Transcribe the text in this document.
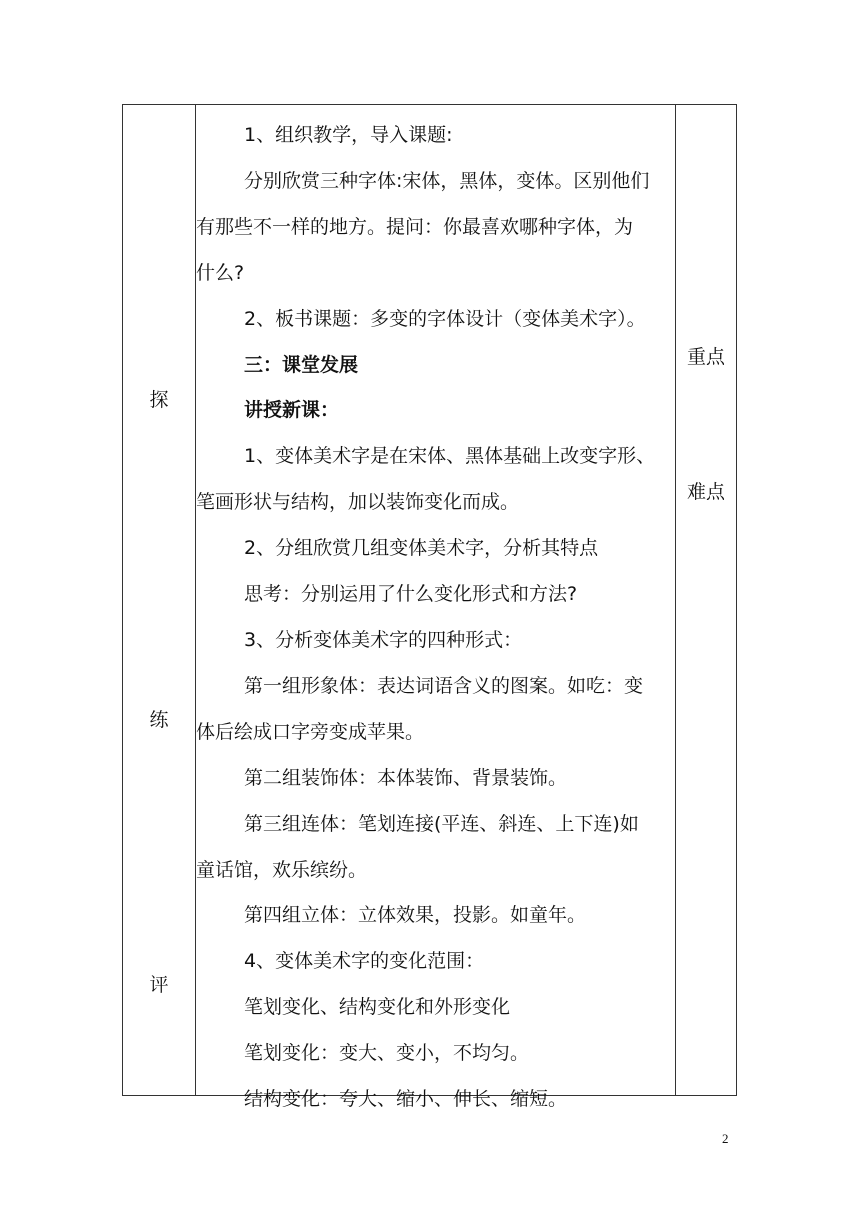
探
练
评
重点
难点
1、组织教学，导入课题:
分别欣赏三种字体:宋体，黑体，变体。区别他们
有那些不一样的地方。提问：你最喜欢哪种字体，为
什么?
2、板书课题：多变的字体设计（变体美术字）。
三：课堂发展
讲授新课：
1、变体美术字是在宋体、黑体基础上改变字形、
笔画形状与结构，加以装饰变化而成。
2、分组欣赏几组变体美术字，分析其特点
思考：分别运用了什么变化形式和方法?
3、分析变体美术字的四种形式：
第一组形象体：表达词语含义的图案。如吃：变
体后绘成口字旁变成苹果。
第二组装饰体：本体装饰、背景装饰。
第三组连体：笔划连接(平连、斜连、上下连)如
童话馆，欢乐缤纷。
第四组立体：立体效果，投影。如童年。
4、变体美术字的变化范围：
笔划变化、结构变化和外形变化
笔划变化：变大、变小，不均匀。
结构变化：夸大、缩小、伸长、缩短。
2
